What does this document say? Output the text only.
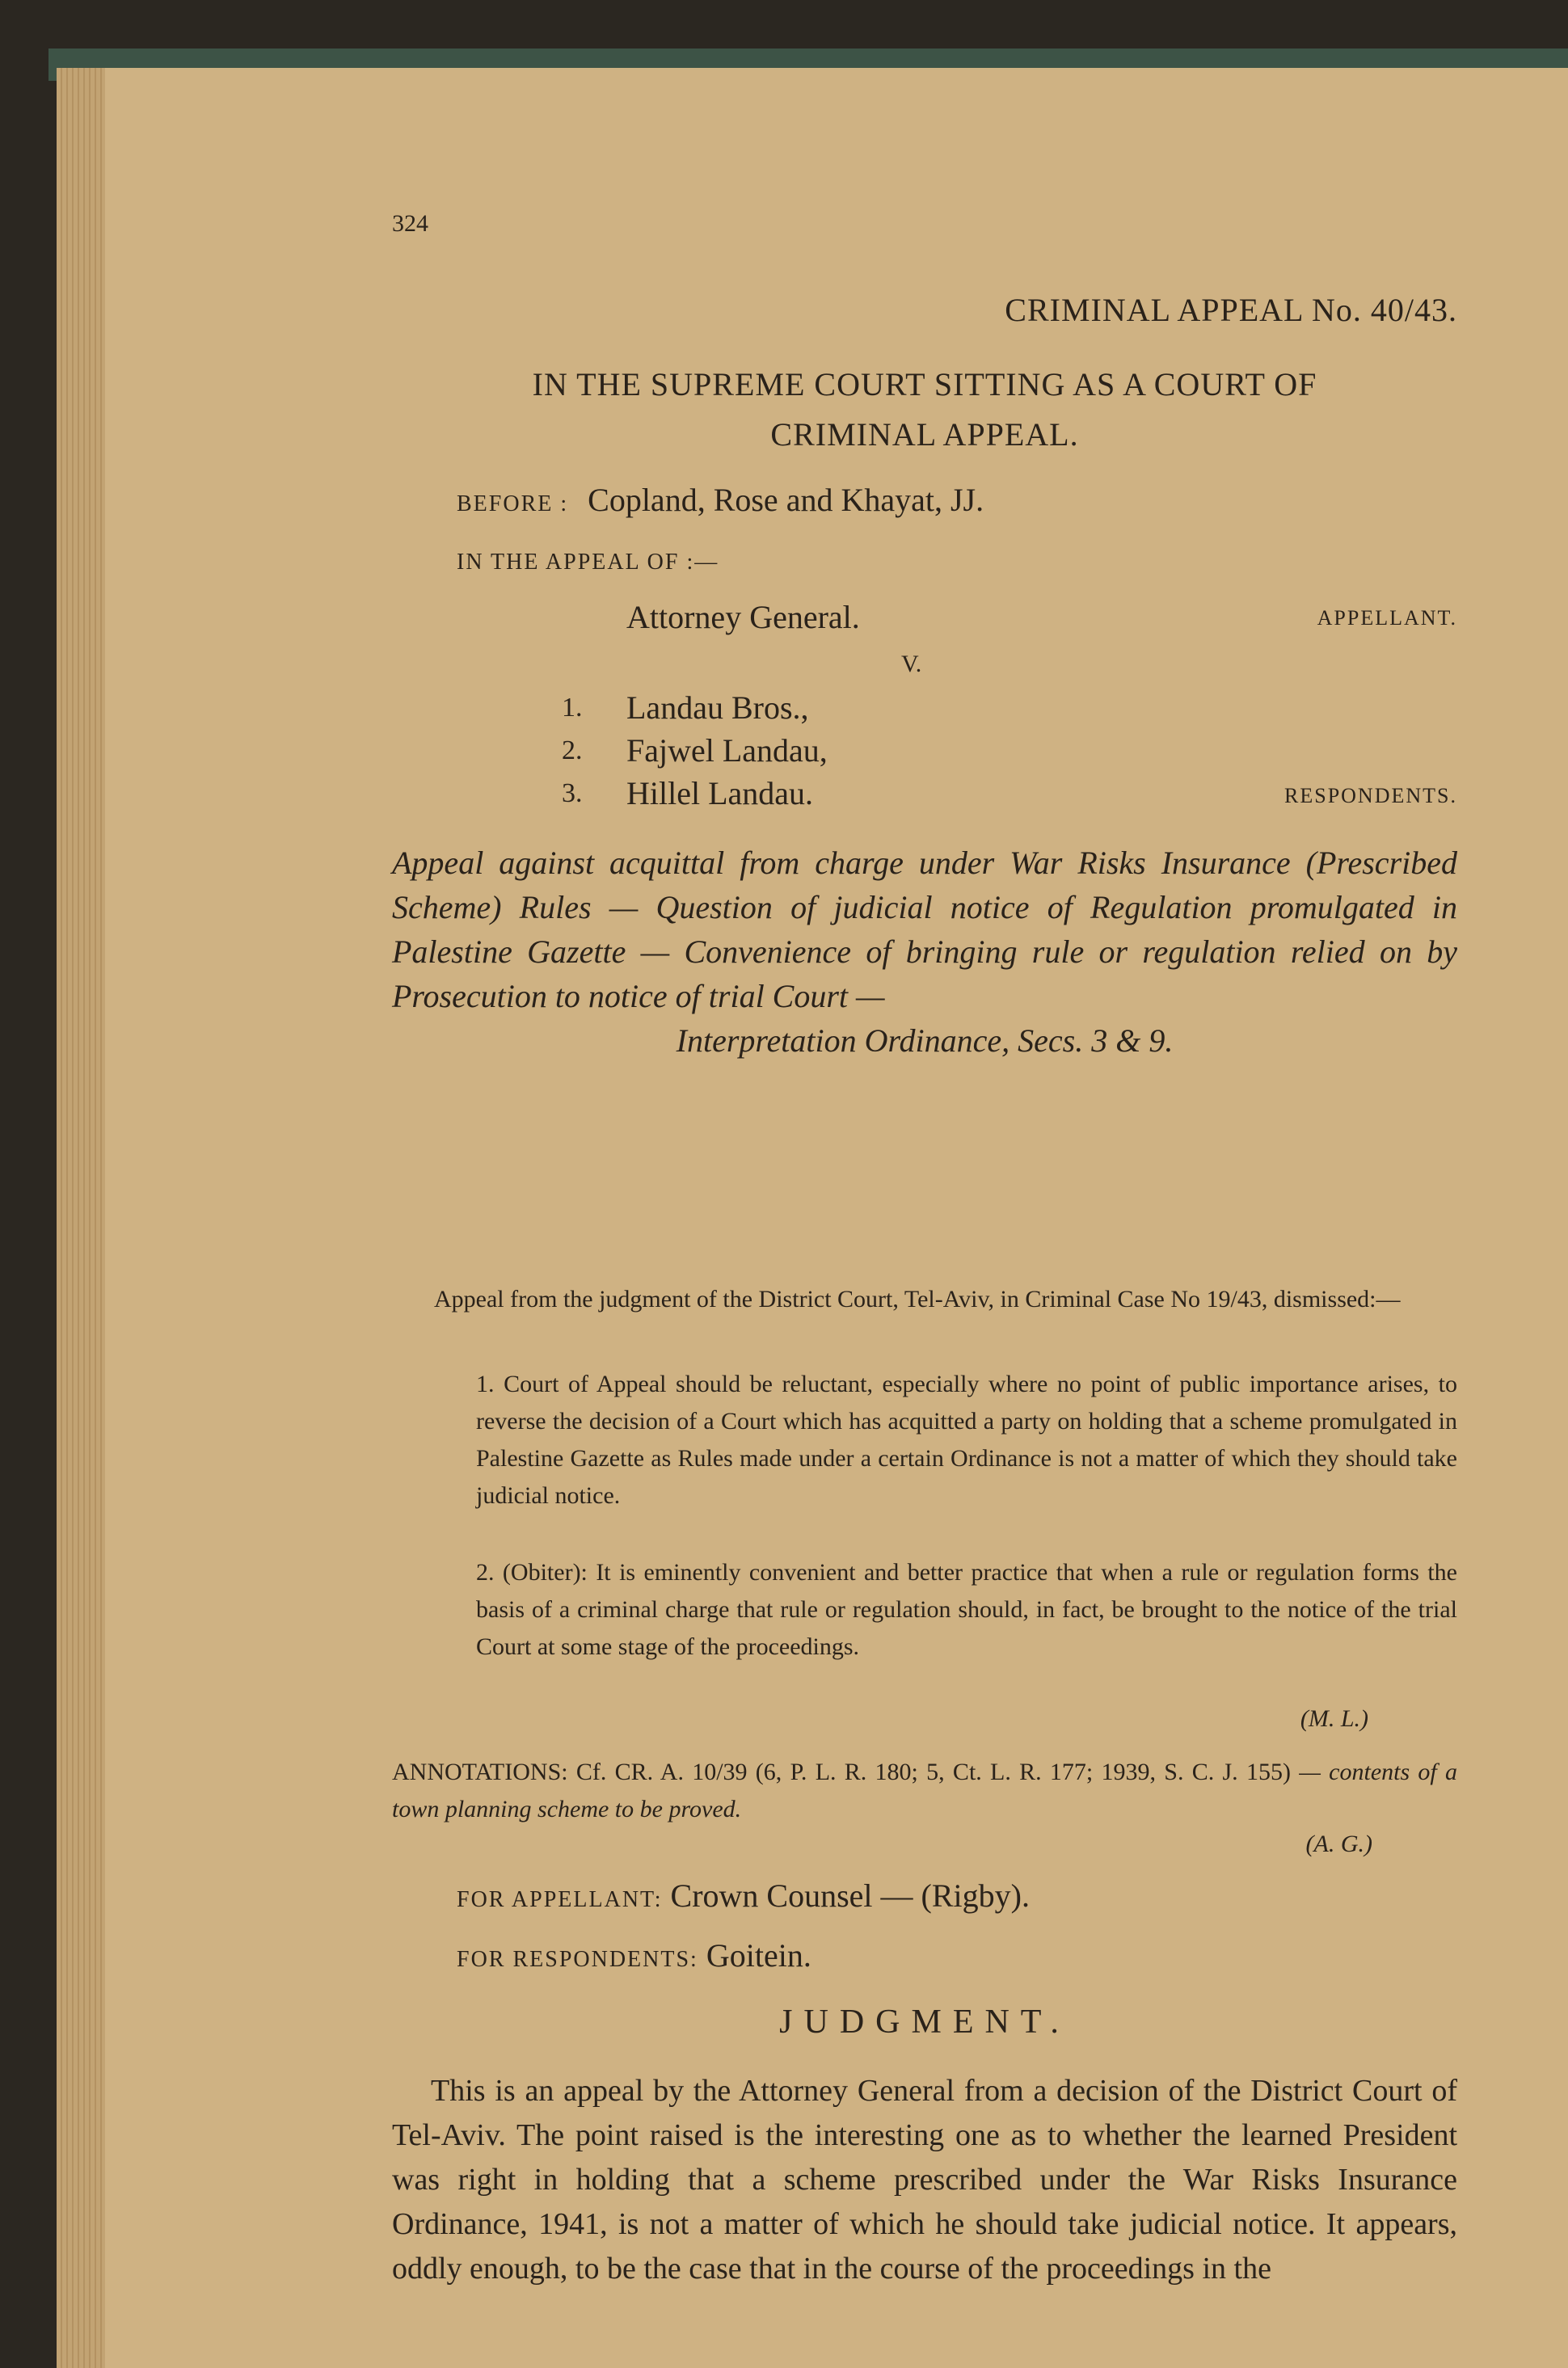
324
CRIMINAL APPEAL No. 40/43.
IN THE SUPREME COURT SITTING AS A COURT OF
CRIMINAL APPEAL.
BEFORE : Copland, Rose and Khayat, JJ.
IN THE APPEAL OF :—
Attorney General.	APPELLANT.
V.
1. Landau Bros.,
2. Fajwel Landau,
3. Hillel Landau.	RESPONDENTS.
Appeal against acquittal from charge under War Risks Insurance (Prescribed Scheme) Rules — Question of judicial notice of Regulation promulgated in Palestine Gazette — Convenience of bringing rule or regulation relied on by Prosecution to notice of trial Court —
Interpretation Ordinance, Secs. 3 & 9.
Appeal from the judgment of the District Court, Tel-Aviv, in Criminal Case No 19/43, dismissed:—
1. Court of Appeal should be reluctant, especially where no point of public importance arises, to reverse the decision of a Court which has acquitted a party on holding that a scheme promulgated in Palestine Gazette as Rules made under a certain Ordinance is not a matter of which they should take judicial notice.
2. (Obiter): It is eminently convenient and better practice that when a rule or regulation forms the basis of a criminal charge that rule or regulation should, in fact, be brought to the notice of the trial Court at some stage of the proceedings.
(M. L.)
ANNOTATIONS: Cf. CR. A. 10/39 (6, P. L. R. 180; 5, Ct. L. R. 177; 1939, S. C. J. 155) — contents of a town planning scheme to be proved.
(A. G.)
FOR APPELLANT: Crown Counsel — (Rigby).
FOR RESPONDENTS: Goitein.
JUDGMENT.
This is an appeal by the Attorney General from a decision of the District Court of Tel-Aviv. The point raised is the interesting one as to whether the learned President was right in holding that a scheme prescribed under the War Risks Insurance Ordinance, 1941, is not a matter of which he should take judicial notice. It appears, oddly enough, to be the case that in the course of the proceedings in the
